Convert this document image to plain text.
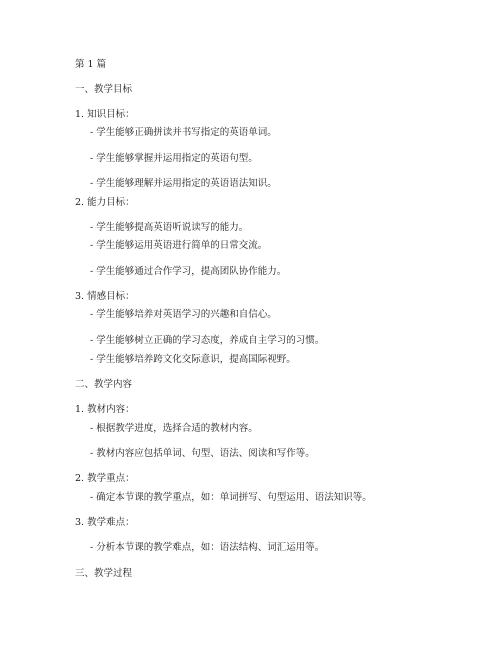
第 1 篇
一、教学目标
1. 知识目标：
- 学生能够正确拼读并书写指定的英语单词。
- 学生能够掌握并运用指定的英语句型。
- 学生能够理解并运用指定的英语语法知识。
2. 能力目标：
- 学生能够提高英语听说读写的能力。
- 学生能够运用英语进行简单的日常交流。
- 学生能够通过合作学习，提高团队协作能力。
3. 情感目标：
- 学生能够培养对英语学习的兴趣和自信心。
- 学生能够树立正确的学习态度，养成自主学习的习惯。
- 学生能够培养跨文化交际意识，提高国际视野。
二、教学内容
1. 教材内容：
- 根据教学进度，选择合适的教材内容。
- 教材内容应包括单词、句型、语法、阅读和写作等。
2. 教学重点：
- 确定本节课的教学重点，如：单词拼写、句型运用、语法知识等。
3. 教学难点：
- 分析本节课的教学难点，如：语法结构、词汇运用等。
三、教学过程
